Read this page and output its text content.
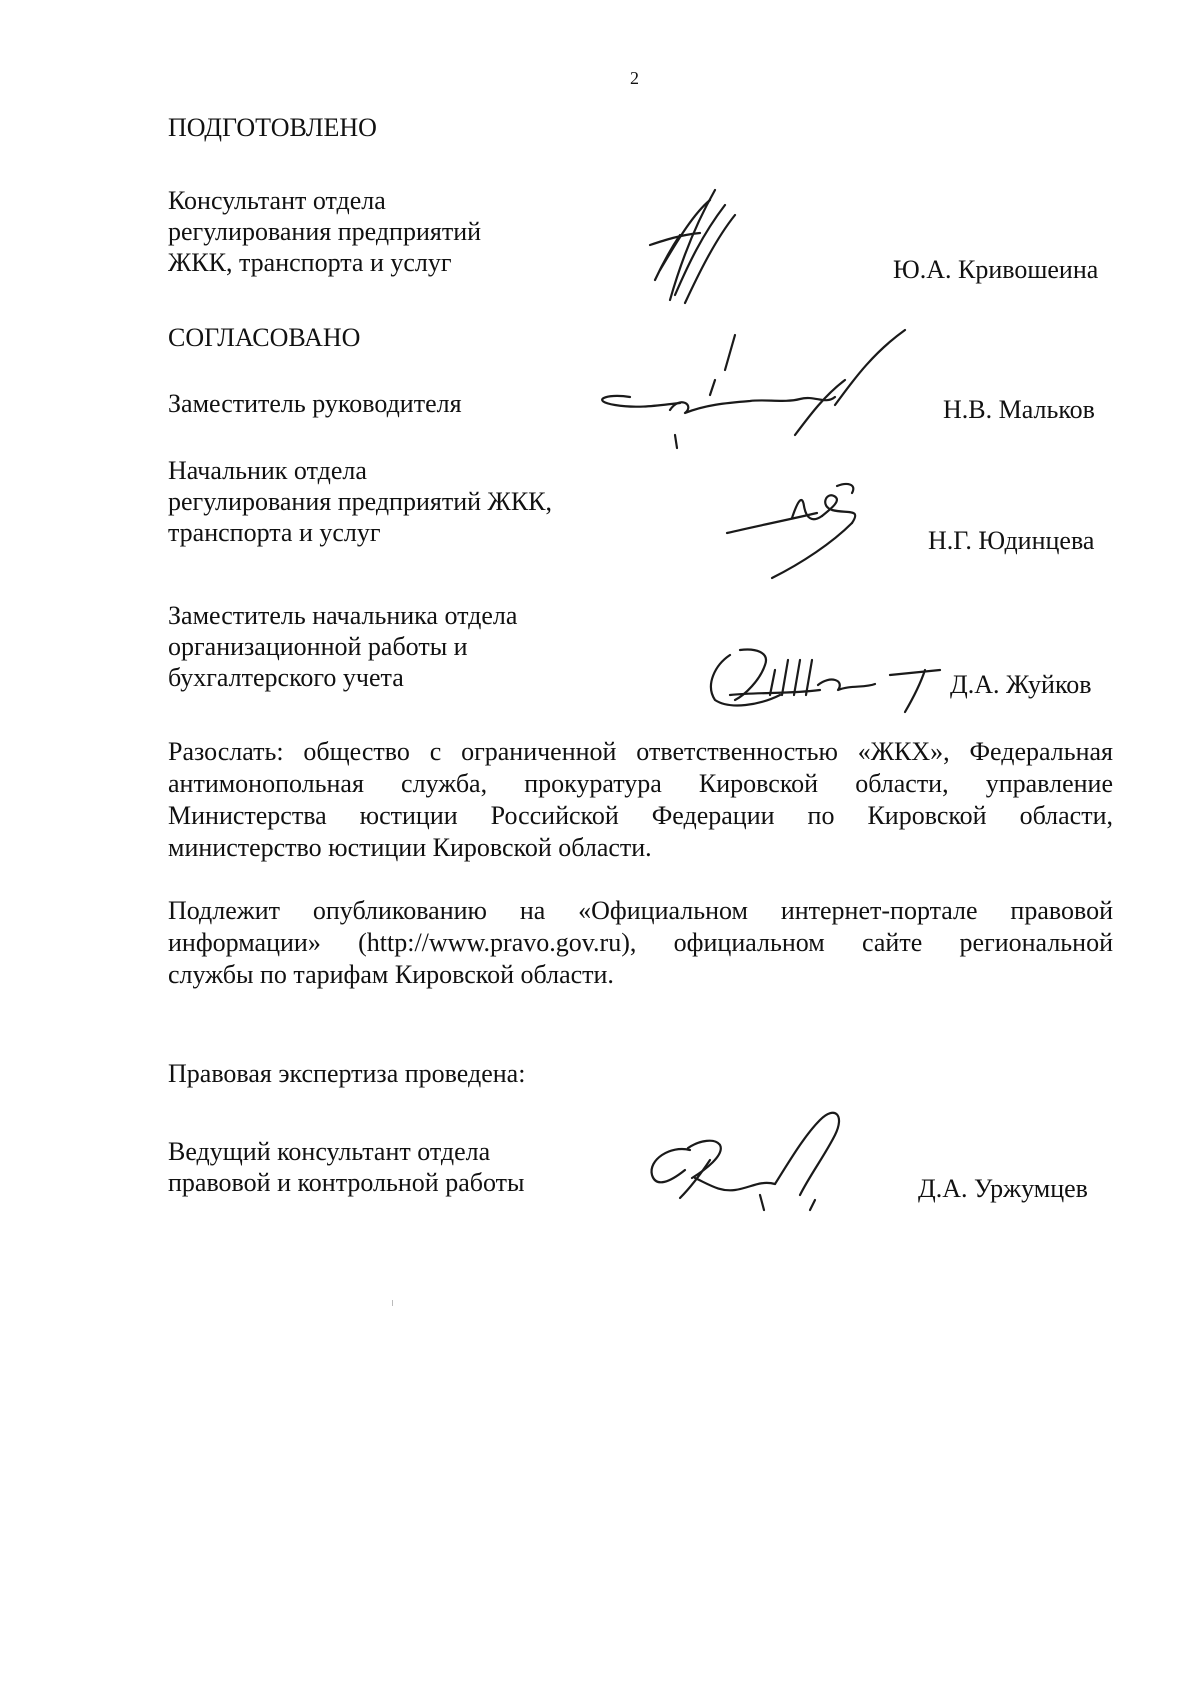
2
ПОДГОТОВЛЕНО
Консультант отдела
регулирования предприятий
ЖКК, транспорта и услуг	Ю.А. Кривошеина
СОГЛАСОВАНО
Заместитель руководителя	Н.В. Мальков
Начальник отдела
регулирования предприятий ЖКК,
транспорта и услуг	Н.Г. Юдинцева
Заместитель начальника отдела
организационной работы и
бухгалтерского учета	Д.А. Жуйков
Разослать: общество с ограниченной ответственностью «ЖКХ», Федеральная
антимонопольная служба, прокуратура Кировской области, управление
Министерства юстиции Российской Федерации по Кировской области,
министерство юстиции Кировской области.
Подлежит опубликованию на «Официальном интернет-портале правовой
информации» (http://www.pravo.gov.ru), официальном сайте региональной
службы по тарифам Кировской области.
Правовая экспертиза проведена:
Ведущий консультант отдела
правовой и контрольной работы	Д.А. Уржумцев
